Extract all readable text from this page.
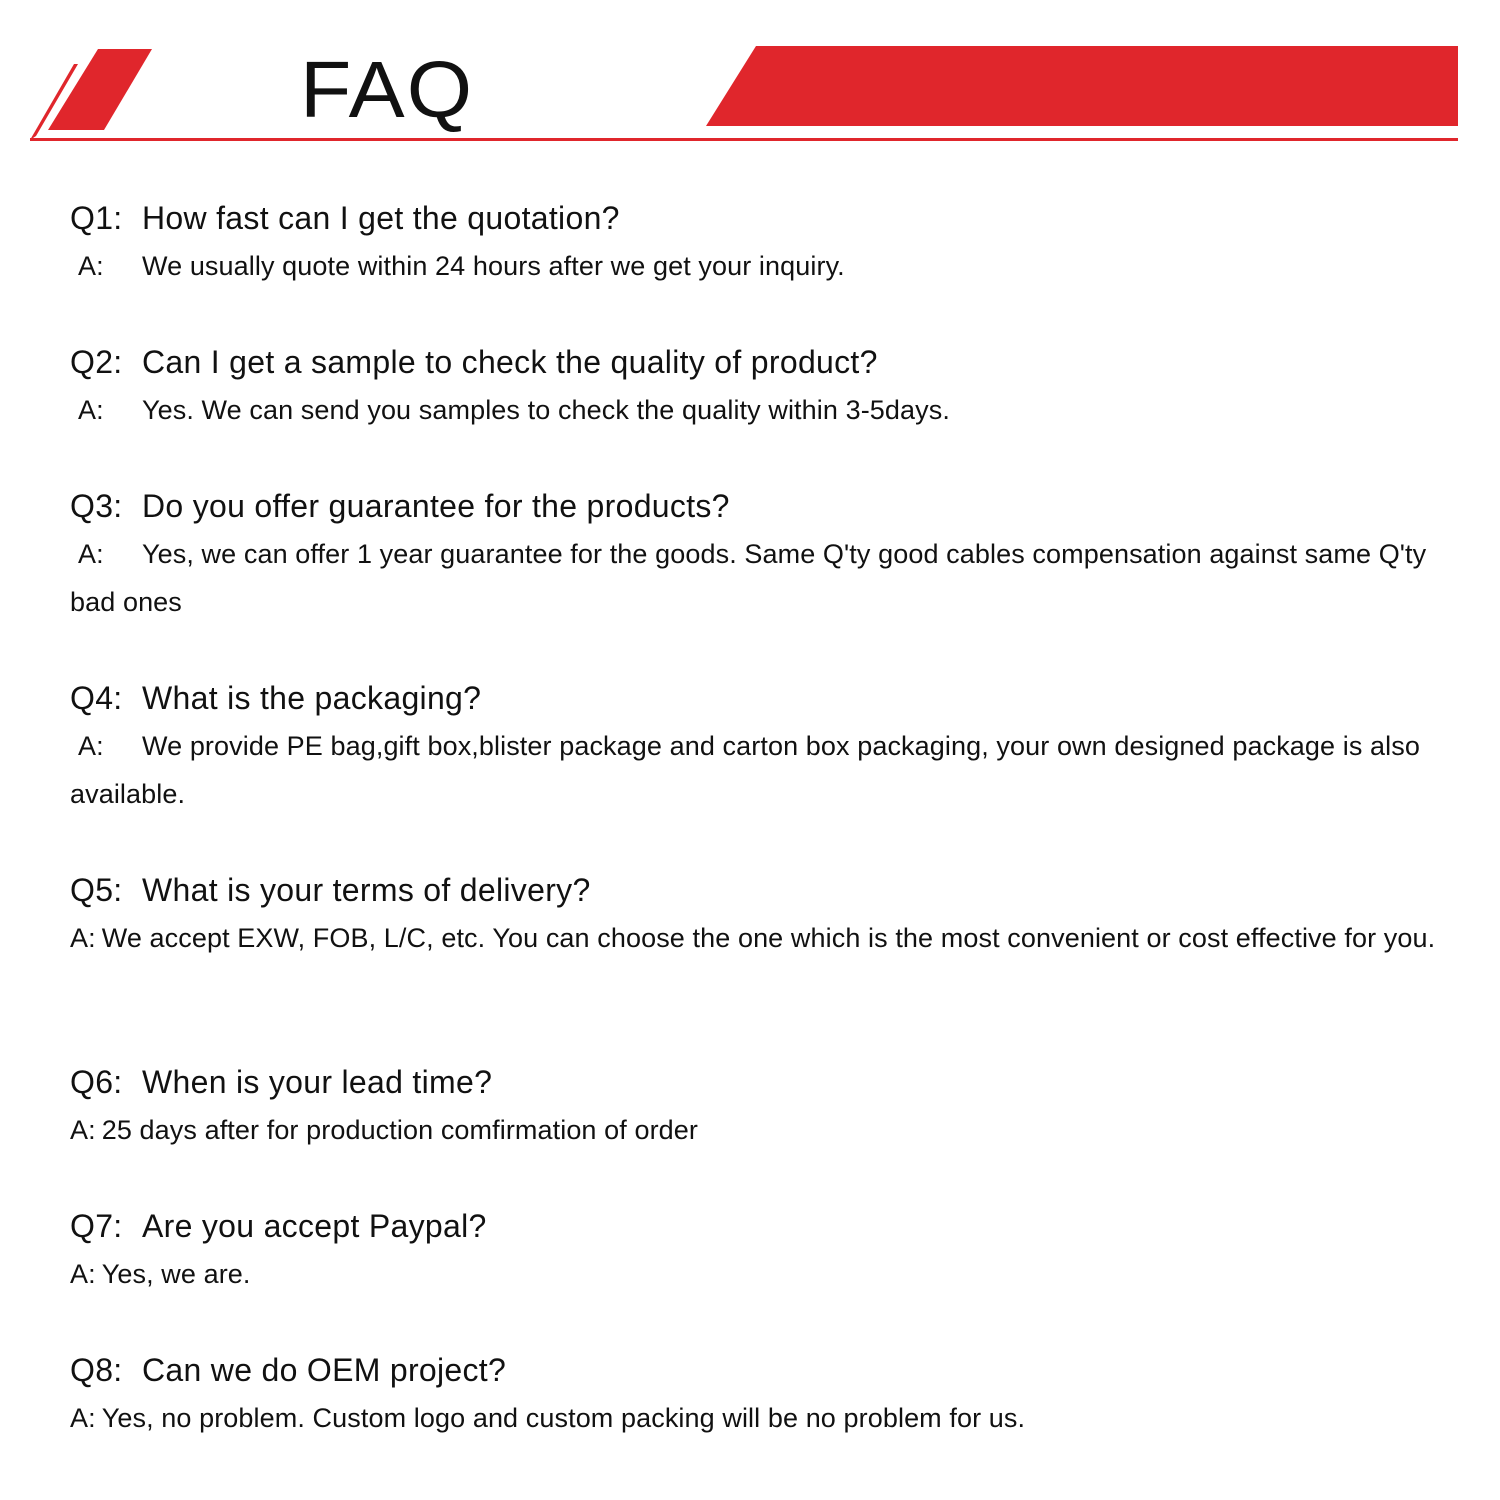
FAQ
Q1: How fast can I get the quotation?
A: We usually quote within 24 hours after we get your inquiry.
Q2: Can I get a sample to check the quality of product?
A: Yes. We can send you samples to check the quality within 3-5days.
Q3: Do you offer guarantee for the products?
A: Yes, we can offer 1 year guarantee for the goods. Same Q'ty good cables compensation against same Q'ty bad ones
Q4: What is the packaging?
A: We provide PE bag,gift box,blister package and carton box packaging, your own designed package is also available.
Q5: What is your terms of delivery?
A: We accept EXW, FOB, L/C, etc. You can choose the one which is the most convenient or cost effective for you.
Q6: When is your lead time?
A: 25 days after for production comfirmation of order
Q7: Are you accept Paypal?
A: Yes, we are.
Q8: Can we do OEM project?
A: Yes, no problem. Custom logo and custom packing will be no problem for us.
